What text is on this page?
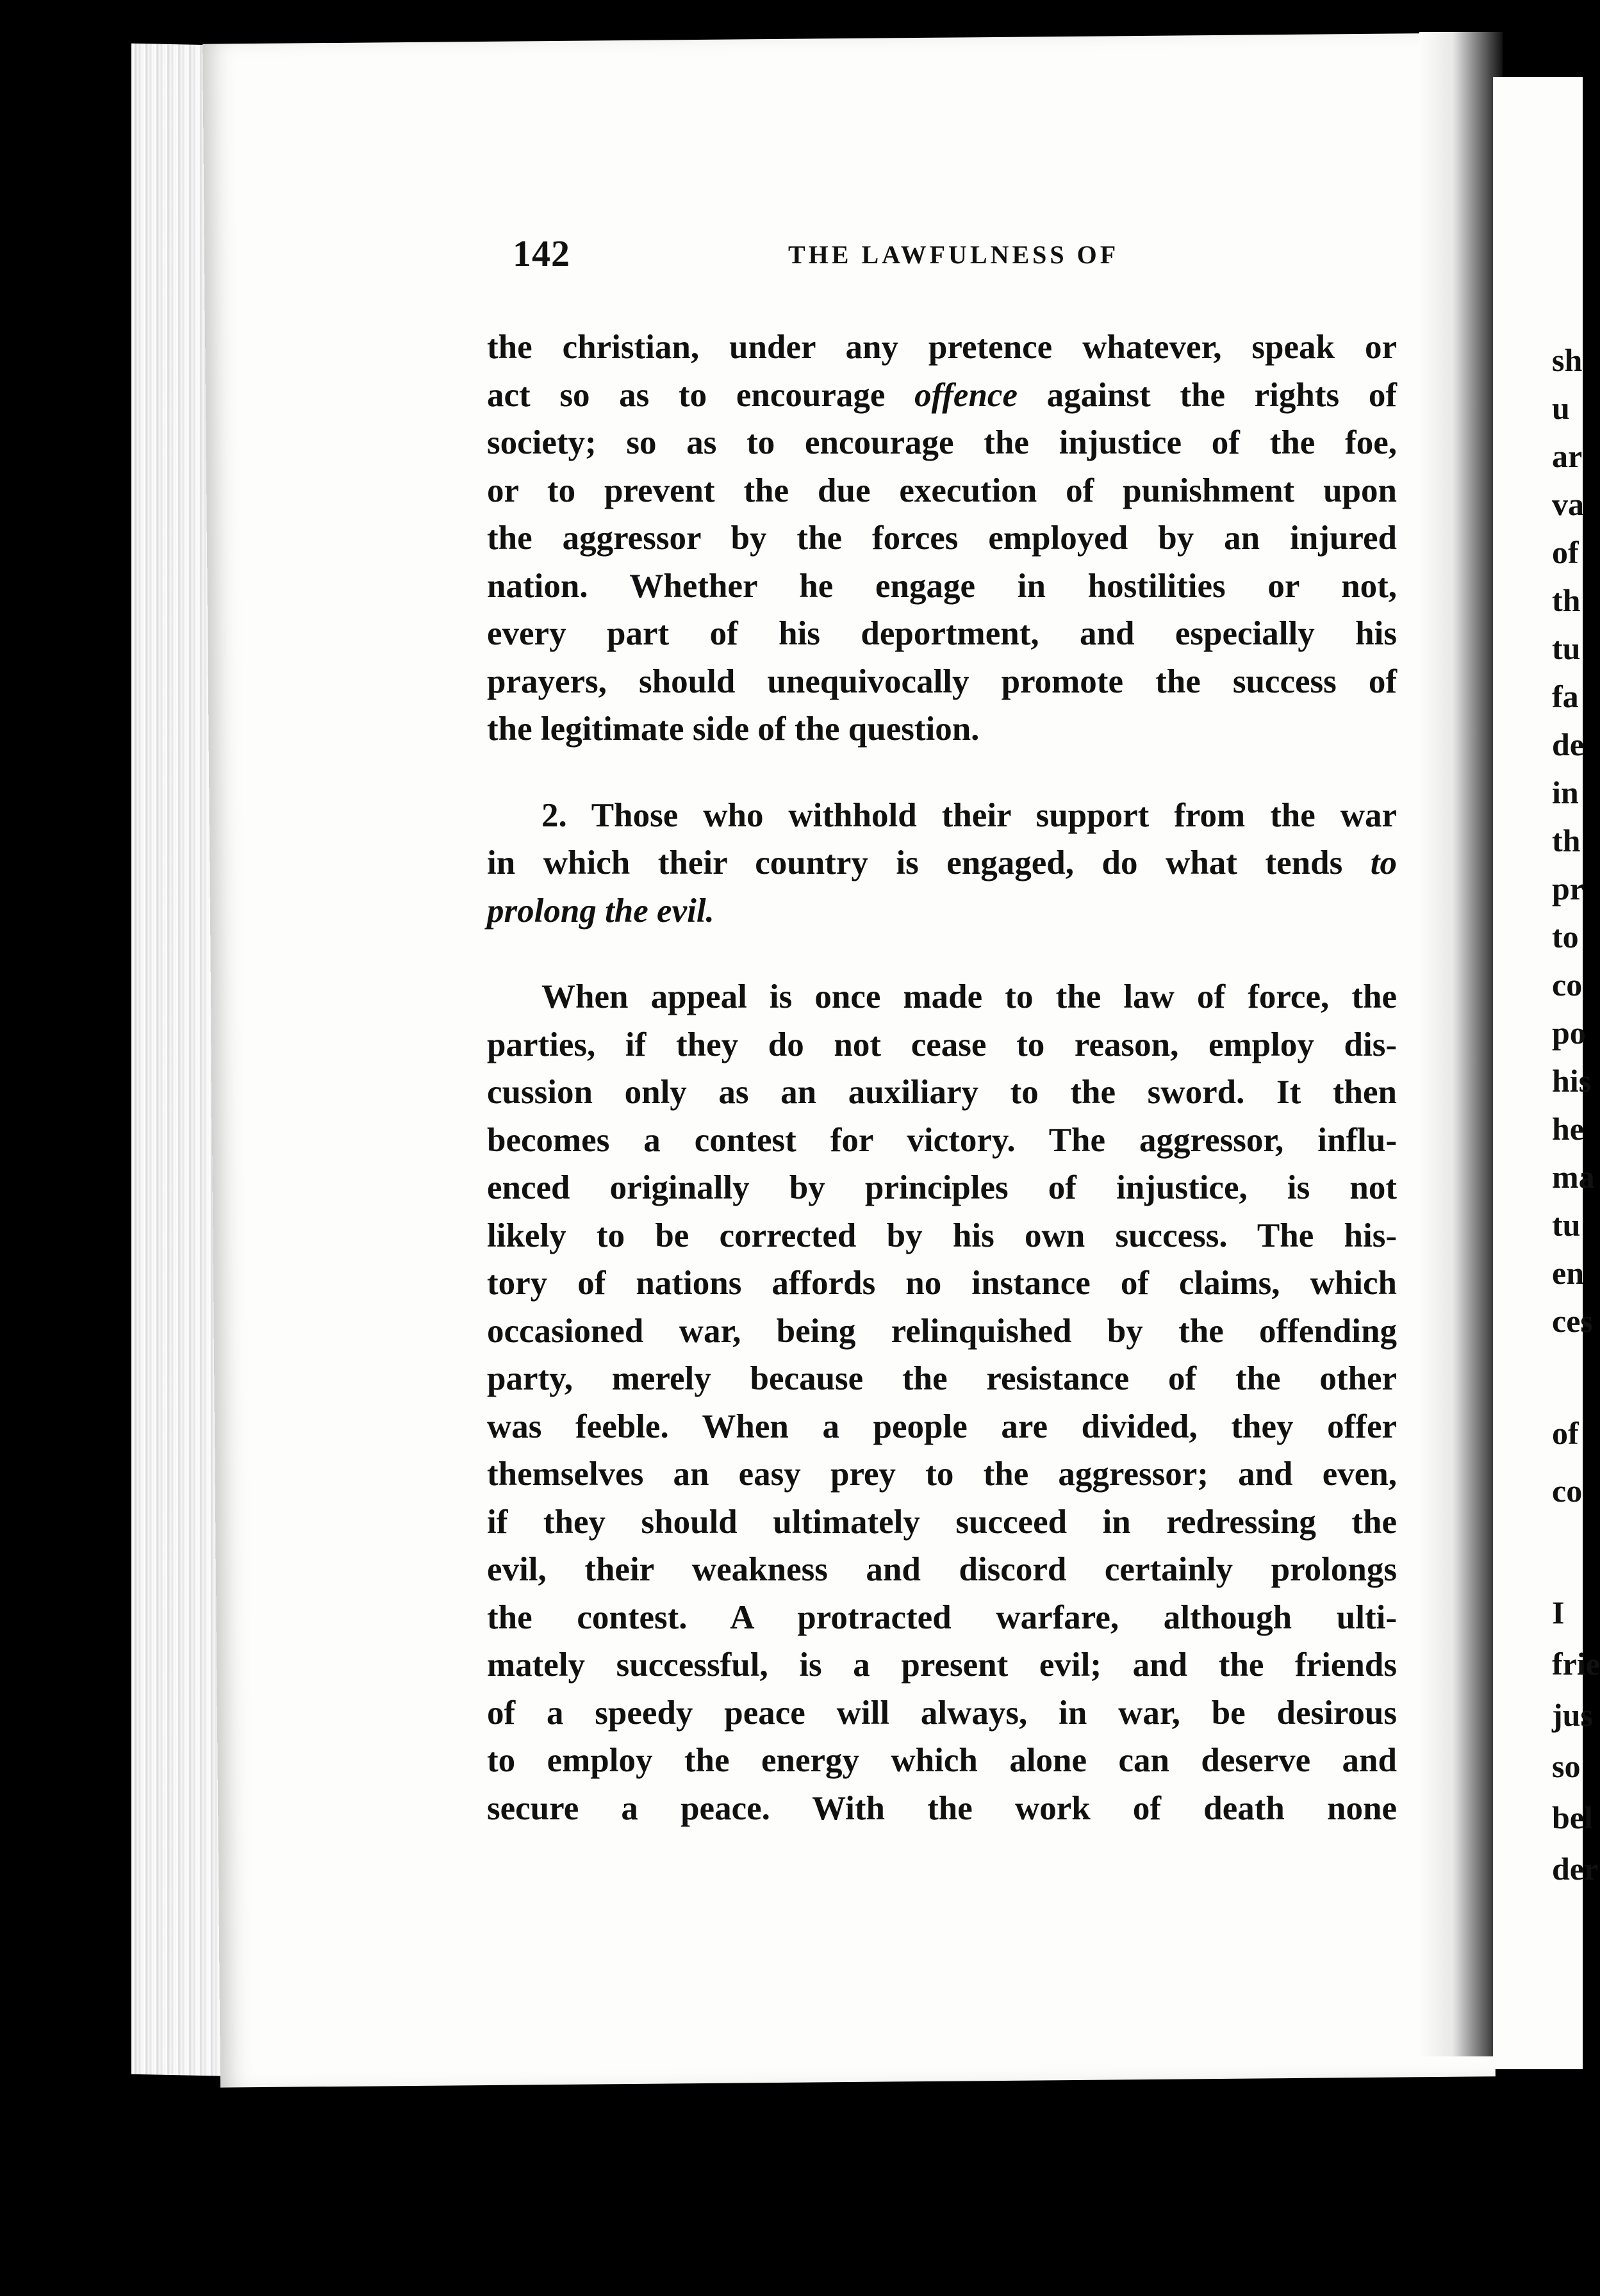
142	THE LAWFULNESS OF
the christian, under any pretence whatever, speak or
act so as to encourage offence against the rights of
society; so as to encourage the injustice of the foe,
or to prevent the due execution of punishment upon
the aggressor by the forces employed by an injured
nation. Whether he engage in hostilities or not,
every part of his deportment, and especially his
prayers, should unequivocally promote the success of
the legitimate side of the question.
2. Those who withhold their support from the war
in which their country is engaged, do what tends to
prolong the evil.
When appeal is once made to the law of force, the
parties, if they do not cease to reason, employ dis-
cussion only as an auxiliary to the sword. It then
becomes a contest for victory. The aggressor, influ-
enced originally by principles of injustice, is not
likely to be corrected by his own success. The his-
tory of nations affords no instance of claims, which
occasioned war, being relinquished by the offending
party, merely because the resistance of the other
was feeble. When a people are divided, they offer
themselves an easy prey to the aggressor; and even,
if they should ultimately succeed in redressing the
evil, their weakness and discord certainly prolongs
the contest. A protracted warfare, although ulti-
mately successful, is a present evil; and the friends
of a speedy peace will always, in war, be desirous
to employ the energy which alone can deserve and
secure a peace. With the work of death none
sh
u
ar
va
of
th
tu
fa
de
in
th
pr
to
co
po
his
he
ma
tu
en
ces
of
co
I
frie
jus
so
bel
der
